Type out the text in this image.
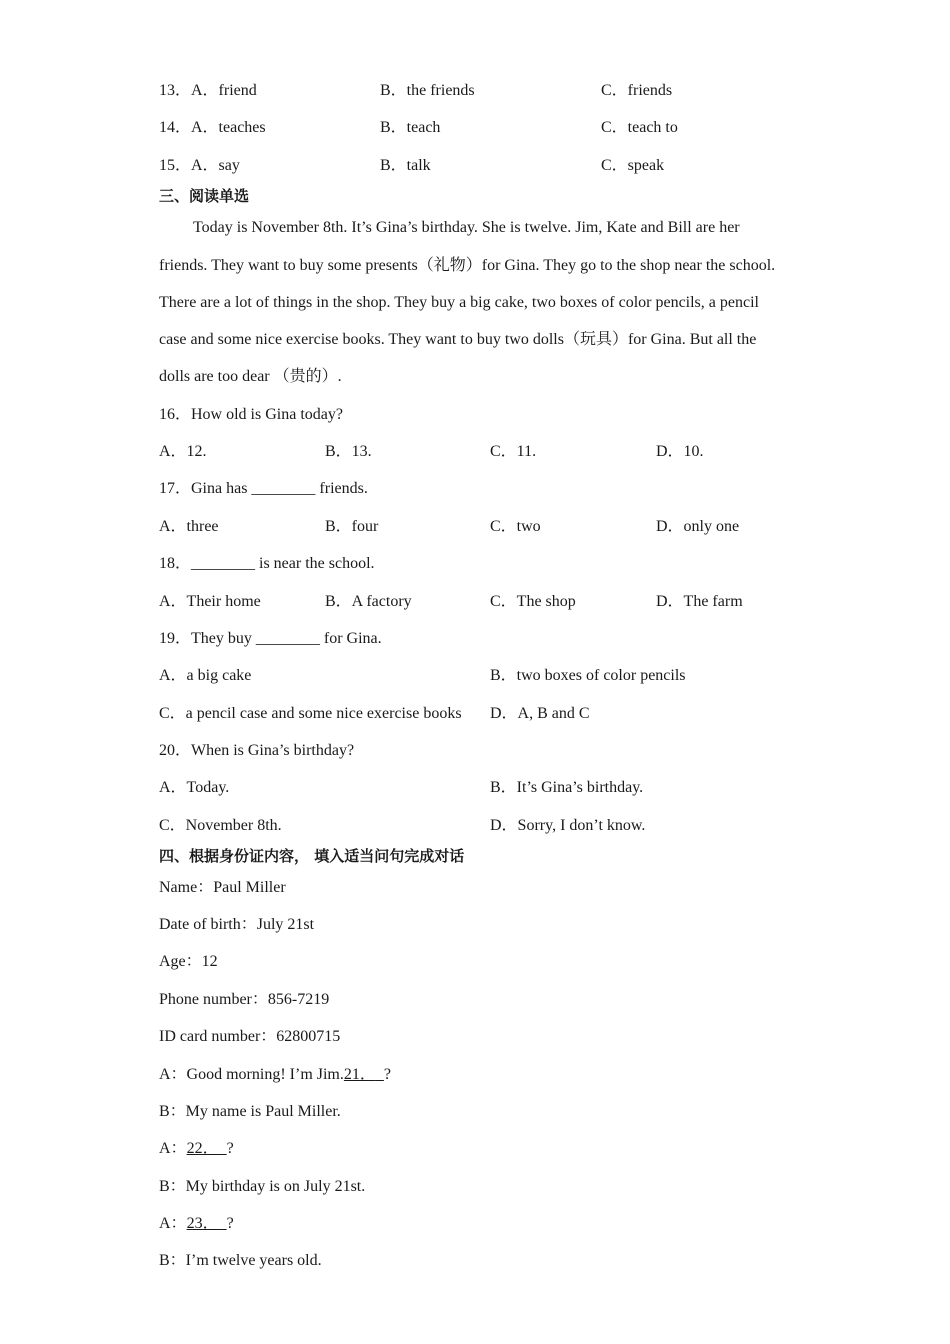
13．A．friend	B．the friends	C．friends
14．A．teaches	B．teach	C．teach to
15．A．say	B．talk	C．speak
三、阅读单选
Today is November 8th. It’s Gina’s birthday. She is twelve. Jim, Kate and Bill are her
friends. They want to buy some presents（礼物）for Gina. They go to the shop near the school.
There are a lot of things in the shop. They buy a big cake, two boxes of color pencils, a pencil
case and some nice exercise books. They want to buy two dolls（玩具）for Gina. But all the
dolls are too dear （贵的）.
16．How old is Gina today?
A．12.	B．13.	C．11.	D．10.
17．Gina has ________ friends.
A．three	B．four	C．two	D．only one
18．________ is near the school.
A．Their home	B．A factory	C．The shop	D．The farm
19．They buy ________ for Gina.
A．a big cake	B．two boxes of color pencils
C．a pencil case and some nice exercise books D．A, B and C
20．When is Gina’s birthday?
A．Today.	B．It’s Gina’s birthday.
C．November 8th.	D．Sorry, I don’t know.
四、根据身份证内容， 填入适当问句完成对话
Name：Paul Miller
Date of birth：July 21st
Age：12
Phone number：856-7219
ID card number：62800715
A：Good morning! I’m Jim.21． ?
B：My name is Paul Miller.
A：22． ?
B：My birthday is on July 21st.
A：23． ?
B：I’m twelve years old.
